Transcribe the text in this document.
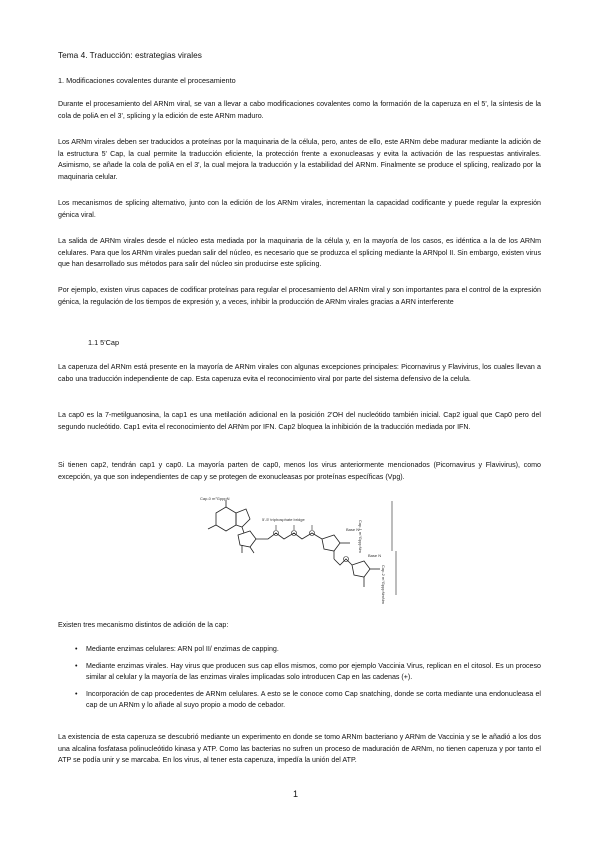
Tema 4. Traducción: estrategias virales

1. Modificaciones covalentes durante el procesamiento

Durante el procesamiento del ARNm viral, se van a llevar a cabo modificaciones covalentes como la formación de la caperuza en el 5', la síntesis de la cola de poliA en el 3', splicing y la edición de este ARNm maduro.

Los ARNm virales deben ser traducidos a proteínas por la maquinaria de la célula, pero, antes de ello, este ARNm debe madurar mediante la adición de la estructura 5' Cap, la cual permite la traducción eficiente, la protección frente a exonucleasas y evita la activación de las respuestas antivirales. Asimismo, se añade la cola de poliA en el 3', la cual mejora la traducción y la estabilidad del ARNm. Finalmente se produce el splicing, realizado por la maquinaria celular.

Los mecanismos de splicing alternativo, junto con la edición de los ARNm virales, incrementan la capacidad codificante y puede regular la expresión génica viral.

La salida de ARNm virales desde el núcleo esta mediada por la maquinaria de la célula y, en la mayoría de los casos, es idéntica a la de los ARNm celulares. Para que los ARNm virales puedan salir del núcleo, es necesario que se produzca el splicing mediante la ARNpol II. Sin embargo, existen virus que han desarrollado sus métodos para salir del núcleo sin producirse este splicing.

Por ejemplo, existen virus capaces de codificar proteínas para regular el procesamiento del ARNm viral y son importantes para el control de la expresión génica, la regulación de los tiempos de expresión y, a veces, inhibir la producción de ARNm virales gracias a ARN interferente

1.1 5'Cap

La caperuza del ARNm está presente en la mayoría de ARNm virales con algunas excepciones principales: Picornavirus y Flavivirus, los cuales llevan a cabo una traducción independiente de cap. Esta caperuza evita el reconocimiento viral por parte del sistema defensivo de la celula.

La cap0 es la 7-metilguanosina, la cap1 es una metilación adicional en la posición 2'OH del nucleótido también inicial. Cap2 igual que Cap0 pero del segundo nucleótido. Cap1 evita el reconocimiento del ARNm por IFN. Cap2 bloquea la inhibición de la traducción mediada por IFN.

Si tienen cap2, tendrán cap1 y cap0. La mayoría parten de cap0, menos los virus anteriormente mencionados (Picornavirus y Flavivirus), como excepción, ya que son independientes de cap y se protegen de exonucleasas por proteínas específicas (Vpg).

Cap-0 m⁷GpppN
5'-5' triphosphate bridge
Base N
Base N
Cap-1 m⁷GpppNm
Cap-2 m⁷GpppNmNm

Existen tres mecanismo distintos de adición de la cap:

• Mediante enzimas celulares: ARN pol II/ enzimas de capping.
• Mediante enzimas virales. Hay virus que producen sus cap ellos mismos, como por ejemplo Vaccinia Virus, replican en el citosol. Es un proceso similar al celular y la mayoría de las enzimas virales implicadas solo introducen Cap en las cadenas (+).
• Incorporación de cap procedentes de ARNm celulares. A esto se le conoce como Cap snatching, donde se corta mediante una endonucleasa el cap de un ARNm y lo añade al suyo propio a modo de cebador.

La existencia de esta caperuza se descubrió mediante un experimento en donde se tomo ARNm bacteriano y ARNm de Vaccinia y se le añadió a los dos una alcalina fosfatasa polinucleótido kinasa y ATP. Como las bacterias no sufren un proceso de maduración de ARNm, no tienen caperuza y por tanto el ATP se podía unir y se marcaba. En los virus, al tener esta caperuza, impedía la unión del ATP.

1
